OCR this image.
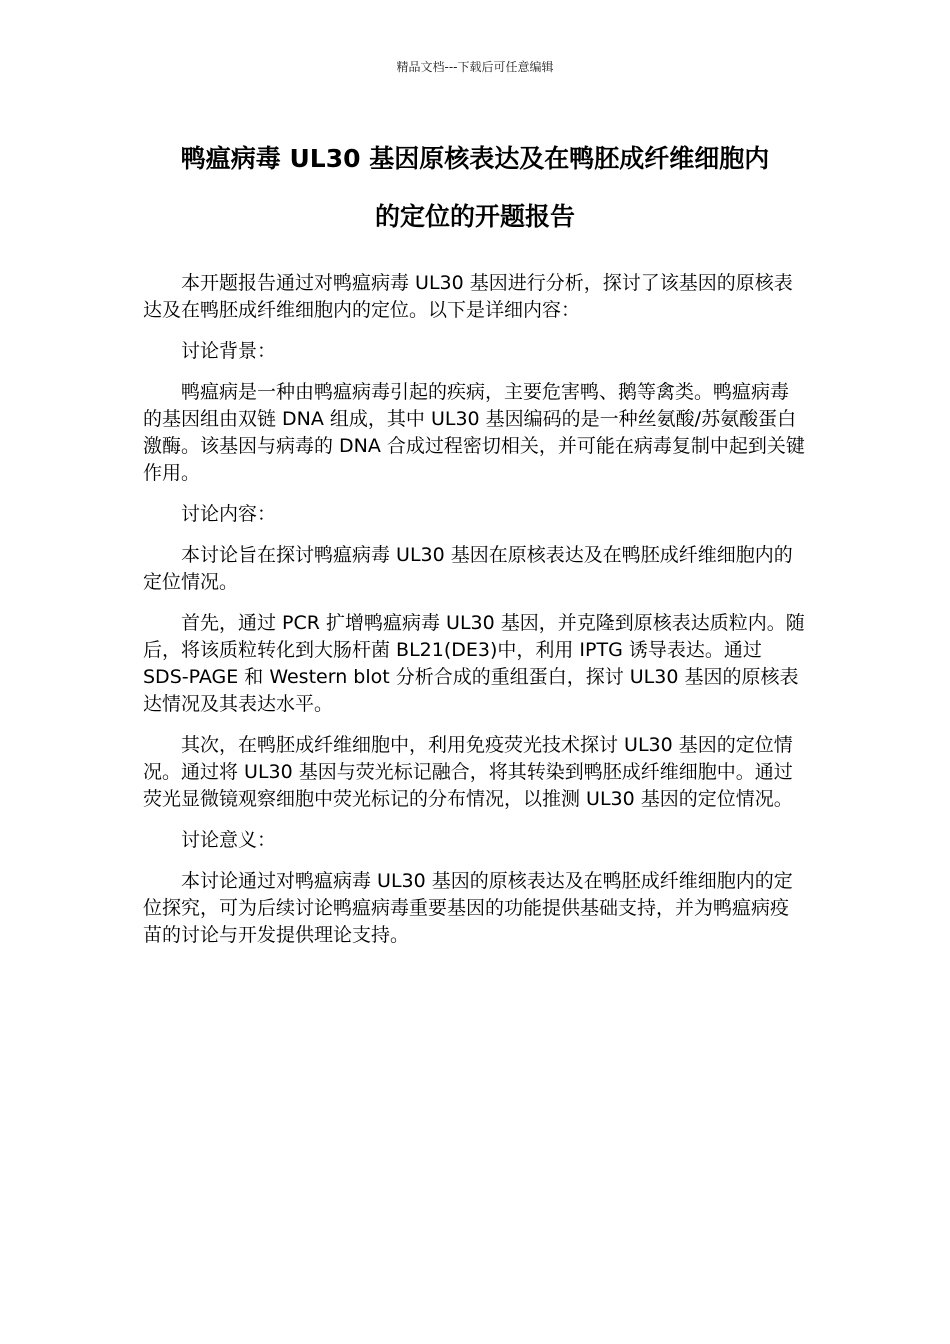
精品文档---下载后可任意编辑
鸭瘟病毒 UL30 基因原核表达及在鸭胚成纤维细胞内
的定位的开题报告

本开题报告通过对鸭瘟病毒 UL30 基因进行分析，探讨了该基因的原核表达及在鸭胚成纤维细胞内的定位。以下是详细内容：

讨论背景：

鸭瘟病是一种由鸭瘟病毒引起的疾病，主要危害鸭、鹅等禽类。鸭瘟病毒的基因组由双链 DNA 组成，其中 UL30 基因编码的是一种丝氨酸/苏氨酸蛋白激酶。该基因与病毒的 DNA 合成过程密切相关，并可能在病毒复制中起到关键作用。

讨论内容：

本讨论旨在探讨鸭瘟病毒 UL30 基因在原核表达及在鸭胚成纤维细胞内的定位情况。

首先，通过 PCR 扩增鸭瘟病毒 UL30 基因，并克隆到原核表达质粒内。随后，将该质粒转化到大肠杆菌 BL21(DE3)中，利用 IPTG 诱导表达。通过 SDS-PAGE 和 Western blot 分析合成的重组蛋白，探讨 UL30 基因的原核表达情况及其表达水平。

其次，在鸭胚成纤维细胞中，利用免疫荧光技术探讨 UL30 基因的定位情况。通过将 UL30 基因与荧光标记融合，将其转染到鸭胚成纤维细胞中。通过荧光显微镜观察细胞中荧光标记的分布情况，以推测 UL30 基因的定位情况。

讨论意义：

本讨论通过对鸭瘟病毒 UL30 基因的原核表达及在鸭胚成纤维细胞内的定位探究，可为后续讨论鸭瘟病毒重要基因的功能提供基础支持，并为鸭瘟病疫苗的讨论与开发提供理论支持。
